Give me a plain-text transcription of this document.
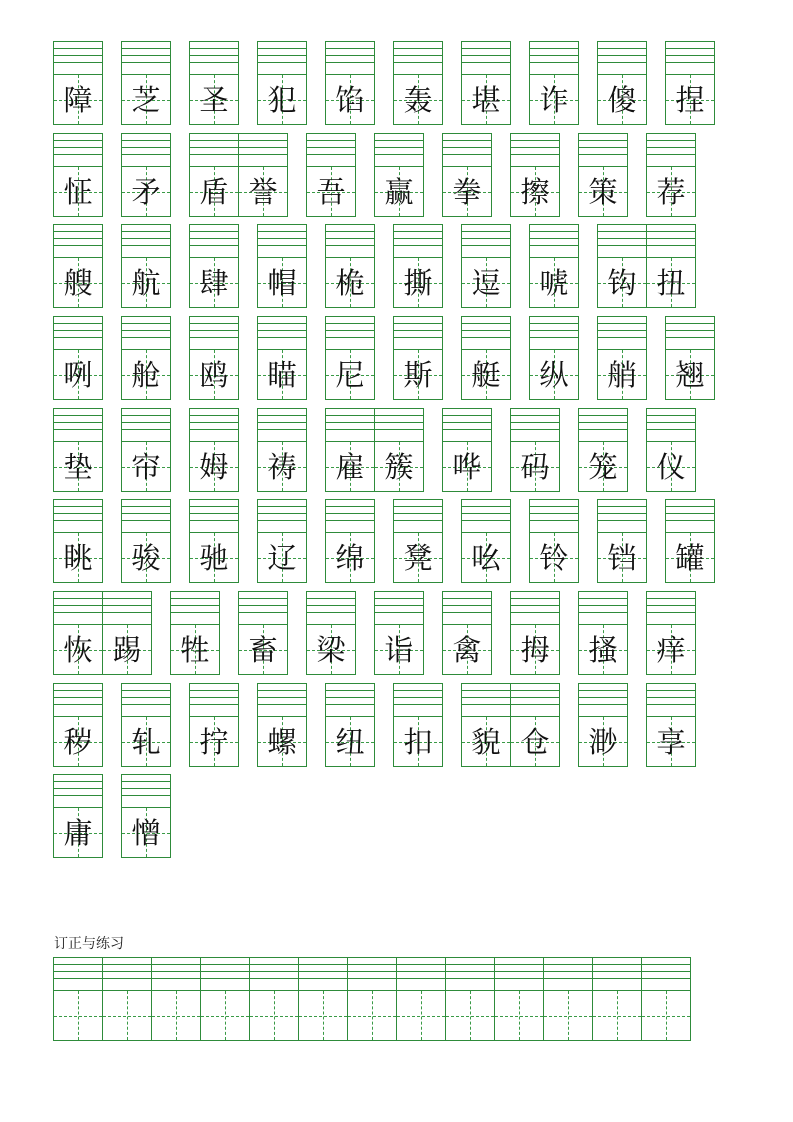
障	芝	圣	犯	馅	轰	堪	诈	傻	捏
怔	矛	盾 誉	吾	赢	拳	擦	策	荐
艘	航	肆	帽	桅	撕	逗	唬	钩 扭
咧	舱	鸥	瞄	尼	斯	艇	纵	艄	翘
垫	帘	姆	祷	雇 簇	哗	码	笼	仪
眺	骏	驰	辽	绵	凳	吆	铃	铛	罐
恢 踢	牲	畜	梁	诣	禽	拇	搔	痒
秽	轧	拧	螺	纽	扣	貌 仓	渺	享
庸	憎
订正与练习
